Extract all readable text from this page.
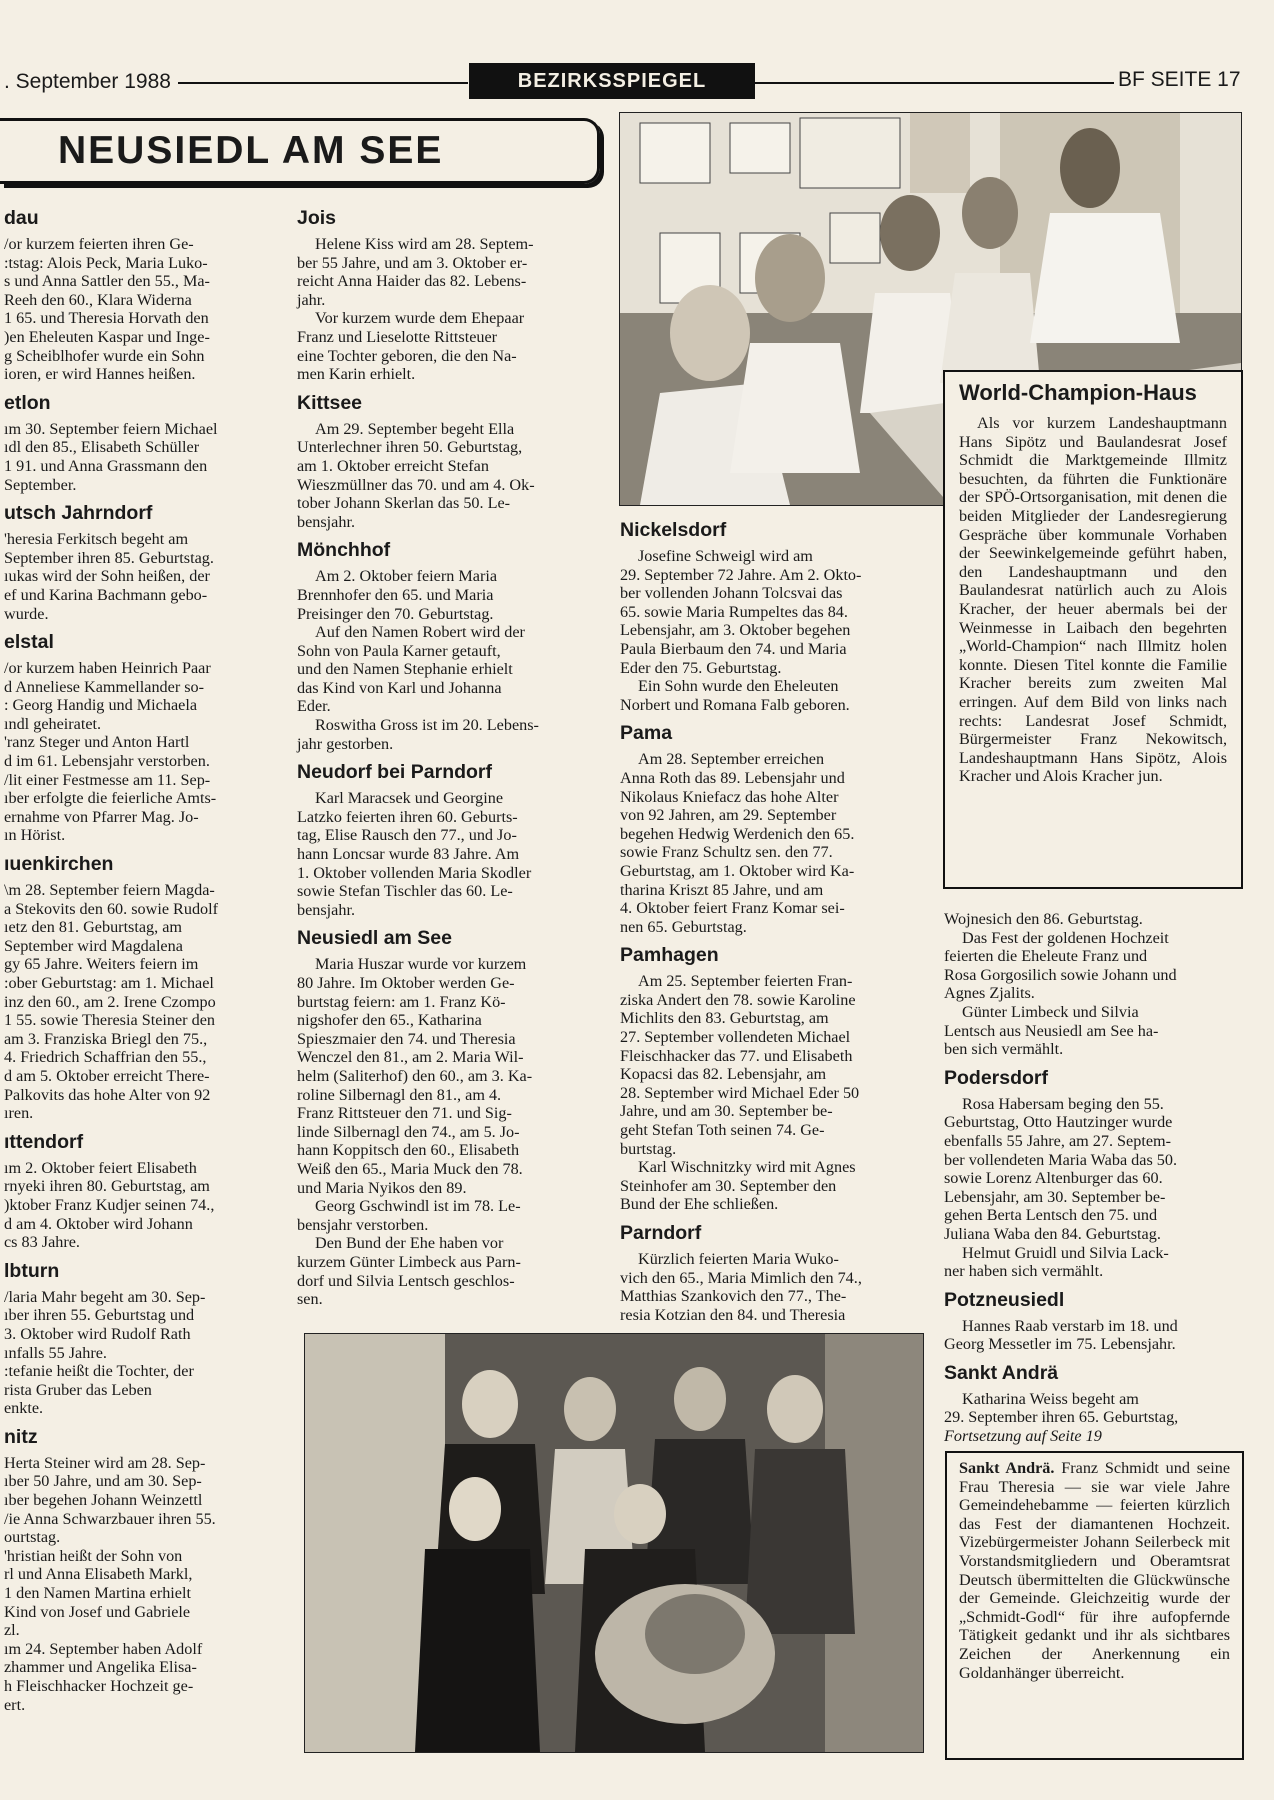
. September 1988	BEZIRKSSPIEGEL	BF SEITE 17
NEUSIEDL AM SEE
dau

/or kurzem feierten ihren Ge-
:tstag: Alois Peck, Maria Luko-
s und Anna Sattler den 55., Ma-
Reeh den 60., Klara Widerna
1 65. und Theresia Horvath den

)en Eheleuten Kaspar und Inge-
g Scheiblhofer wurde ein Sohn
ioren, er wird Hannes heißen.

etlon

ım 30. September feiern Michael
ıdl den 85., Elisabeth Schüller
1 91. und Anna Grassmann den
September.

utsch Jahrndorf

'heresia Ferkitsch begeht am
September ihren 85. Geburtstag.
ıukas wird der Sohn heißen, der
ef und Karina Bachmann gebo-
wurde.

elstal

/or kurzem haben Heinrich Paar
d Anneliese Kammellander so-
: Georg Handig und Michaela
ındl geheiratet.
'ranz Steger und Anton Hartl
d im 61. Lebensjahr verstorben.
/lit einer Festmesse am 11. Sep-
ıber erfolgte die feierliche Amts-
ernahme von Pfarrer Mag. Jo-
ın Hörist.

ıuenkirchen

\m 28. September feiern Magda-
a Stekovits den 60. sowie Rudolf
ıetz den 81. Geburtstag, am
September wird Magdalena
gy 65 Jahre. Weiters feiern im
:ober Geburtstag: am 1. Michael
inz den 60., am 2. Irene Czompo
1 55. sowie Theresia Steiner den
am 3. Franziska Briegl den 75.,
4. Friedrich Schaffrian den 55.,
d am 5. Oktober erreicht There-
Palkovits das hohe Alter von 92
ıren.

ıttendorf

ım 2. Oktober feiert Elisabeth
rnyeki ihren 80. Geburtstag, am
)ktober Franz Kudjer seinen 74.,
d am 4. Oktober wird Johann
cs 83 Jahre.

lbturn

/laria Mahr begeht am 30. Sep-
ıber ihren 55. Geburtstag und
3. Oktober wird Rudolf Rath
ınfalls 55 Jahre.
:tefanie heißt die Tochter, der
rista Gruber das Leben
enkte.

nitz

Herta Steiner wird am 28. Sep-
ıber 50 Jahre, und am 30. Sep-
ıber begehen Johann Weinzettl
/ie Anna Schwarzbauer ihren 55.
ourtstag.
'hristian heißt der Sohn von
rl und Anna Elisabeth Markl,
1 den Namen Martina erhielt
Kind von Josef und Gabriele
zl.
ım 24. September haben Adolf
zhammer und Angelika Elisa-
h Fleischhacker Hochzeit ge-
ert.

Jois

Helene Kiss wird am 28. Septem-
ber 55 Jahre, und am 3. Oktober er-
reicht Anna Haider das 82. Lebens-
jahr.

Vor kurzem wurde dem Ehepaar
Franz und Lieselotte Rittsteuer
eine Tochter geboren, die den Na-
men Karin erhielt.

Kittsee

Am 29. September begeht Ella
Unterlechner ihren 50. Geburtstag,
am 1. Oktober erreicht Stefan
Wieszmüllner das 70. und am 4. Ok-
tober Johann Skerlan das 50. Le-
bensjahr.

Mönchhof

Am 2. Oktober feiern Maria
Brennhofer den 65. und Maria
Preisinger den 70. Geburtstag.

Auf den Namen Robert wird der
Sohn von Paula Karner getauft,
und den Namen Stephanie erhielt
das Kind von Karl und Johanna
Eder.

Roswitha Gross ist im 20. Lebens-
jahr gestorben.

Neudorf bei Parndorf

Karl Maracsek und Georgine
Latzko feierten ihren 60. Geburts-
tag, Elise Rausch den 77., und Jo-
hann Loncsar wurde 83 Jahre. Am
1. Oktober vollenden Maria Skodler
sowie Stefan Tischler das 60. Le-
bensjahr.

Neusiedl am See

Maria Huszar wurde vor kurzem
80 Jahre. Im Oktober werden Ge-
burtstag feiern: am 1. Franz Kö-
nigshofer den 65., Katharina
Spieszmaier den 74. und Theresia
Wenczel den 81., am 2. Maria Wil-
helm (Saliterhof) den 60., am 3. Ka-
roline Silbernagl den 81., am 4.
Franz Rittsteuer den 71. und Sig-
linde Silbernagl den 74., am 5. Jo-
hann Koppitsch den 60., Elisabeth
Weiß den 65., Maria Muck den 78.
und Maria Nyikos den 89.

Georg Gschwindl ist im 78. Le-
bensjahr verstorben.

Den Bund der Ehe haben vor
kurzem Günter Limbeck aus Parn-
dorf und Silvia Lentsch geschlos-
sen.

Nickelsdorf

Josefine Schweigl wird am
29. September 72 Jahre. Am 2. Okto-
ber vollenden Johann Tolcsvai das
65. sowie Maria Rumpeltes das 84.
Lebensjahr, am 3. Oktober begehen
Paula Bierbaum den 74. und Maria
Eder den 75. Geburtstag.

Ein Sohn wurde den Eheleuten
Norbert und Romana Falb geboren.

Pama

Am 28. September erreichen
Anna Roth das 89. Lebensjahr und
Nikolaus Kniefacz das hohe Alter
von 92 Jahren, am 29. September
begehen Hedwig Werdenich den 65.
sowie Franz Schultz sen. den 77.
Geburtstag, am 1. Oktober wird Ka-
tharina Kriszt 85 Jahre, und am
4. Oktober feiert Franz Komar sei-
nen 65. Geburtstag.

Pamhagen

Am 25. September feierten Fran-
ziska Andert den 78. sowie Karoline
Michlits den 83. Geburtstag, am
27. September vollendeten Michael
Fleischhacker das 77. und Elisabeth
Kopacsi das 82. Lebensjahr, am
28. September wird Michael Eder 50
Jahre, und am 30. September be-
geht Stefan Toth seinen 74. Ge-
burtstag.

Karl Wischnitzky wird mit Agnes
Steinhofer am 30. September den
Bund der Ehe schließen.

Parndorf

Kürzlich feierten Maria Wuko-
vich den 65., Maria Mimlich den 74.,
Matthias Szankovich den 77., The-
resia Kotzian den 84. und Theresia

Wojnesich den 86. Geburtstag.

Das Fest der goldenen Hochzeit
feierten die Eheleute Franz und
Rosa Gorgosilich sowie Johann und
Agnes Zjalits.

Günter Limbeck und Silvia
Lentsch aus Neusiedl am See ha-
ben sich vermählt.

Podersdorf

Rosa Habersam beging den 55.
Geburtstag, Otto Hautzinger wurde
ebenfalls 55 Jahre, am 27. Septem-
ber vollendeten Maria Waba das 50.
sowie Lorenz Altenburger das 60.
Lebensjahr, am 30. September be-
gehen Berta Lentsch den 75. und
Juliana Waba den 84. Geburtstag.

Helmut Gruidl und Silvia Lack-
ner haben sich vermählt.

Potzneusiedl

Hannes Raab verstarb im 18. und
Georg Messetler im 75. Lebensjahr.

Sankt Andrä

Katharina Weiss begeht am
29. September ihren 65. Geburtstag,

Fortsetzung auf Seite 19

World-Champion-Haus

Als vor kurzem Landeshauptmann Hans Sipötz und Baulandesrat Josef Schmidt die Marktgemeinde Illmitz besuchten, da führten die Funktionäre der SPÖ-Ortsorganisation, mit denen die beiden Mitglieder der Landesregierung Gespräche über kommunale Vorhaben der Seewinkelgemeinde geführt haben, den Landeshauptmann und den Baulandesrat natürlich auch zu Alois Kracher, der heuer abermals bei der Weinmesse in Laibach den begehrten „World-Champion“ nach Illmitz holen konnte. Diesen Titel konnte die Familie Kracher bereits zum zweiten Mal erringen. Auf dem Bild von links nach rechts: Landesrat Josef Schmidt, Bürgermeister Franz Nekowitsch, Landeshauptmann Hans Sipötz, Alois Kracher und Alois Kracher jun.

Sankt Andrä. Franz Schmidt und seine Frau Theresia — sie war viele Jahre Gemeindehebamme — feierten kürzlich das Fest der diamantenen Hochzeit. Vizebürgermeister Johann Seilerbeck mit Vorstandsmitgliedern und Oberamtsrat Deutsch übermittelten die Glückwünsche der Gemeinde. Gleichzeitig wurde der „Schmidt-Godl“ für ihre aufopfernde Tätigkeit gedankt und ihr als sichtbares Zeichen der Anerkennung ein Goldanhänger überreicht.
